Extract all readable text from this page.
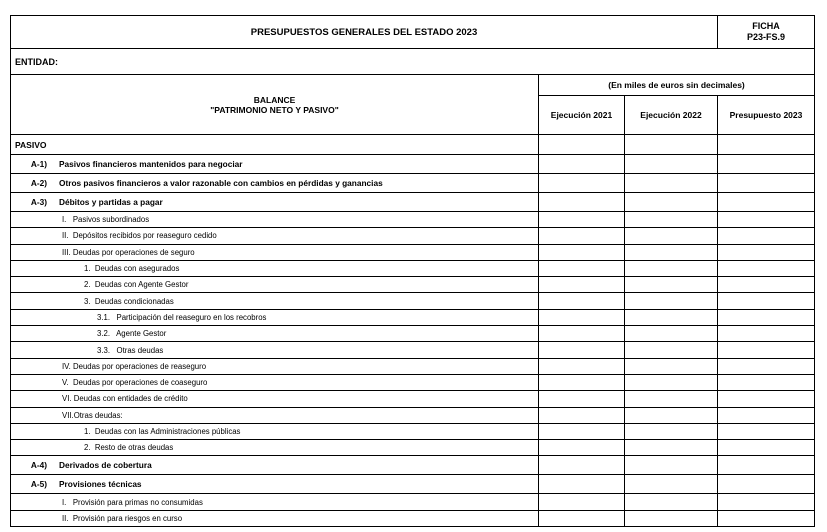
PRESUPUESTOS GENERALES DEL ESTADO 2023			FICHA
P23-FS.9

ENTIDAD:			

BALANCE
"PATRIMONIO NETO Y PASIVO"	(En miles de euros sin decimales)		
	Ejecución 2021	Ejecución 2022	Presupuesto 2023
PASIVO			
A-1) Pasivos financieros mantenidos para negociar			
A-2) Otros pasivos financieros a valor razonable con cambios en pérdidas y ganancias			
A-3) Débitos y partidas a pagar			
I.   Pasivos subordinados			
II.  Depósitos recibidos por reaseguro cedido			
III. Deudas por operaciones de seguro			
1.  Deudas con asegurados			
2.  Deudas con Agente Gestor			
3.  Deudas condicionadas			
3.1.   Participación del reaseguro en los recobros			
3.2.   Agente Gestor			
3.3.   Otras deudas			
IV. Deudas por operaciones de reaseguro			
V.  Deudas por operaciones de coaseguro			
VI. Deudas con entidades de crédito			
VII.Otras deudas:			
1.  Deudas con las Administraciones públicas			
2.  Resto de otras deudas			
A-4) Derivados de cobertura			
A-5) Provisiones técnicas			
I.   Provisión para primas no consumidas			
II.  Provisión para riesgos en curso			
